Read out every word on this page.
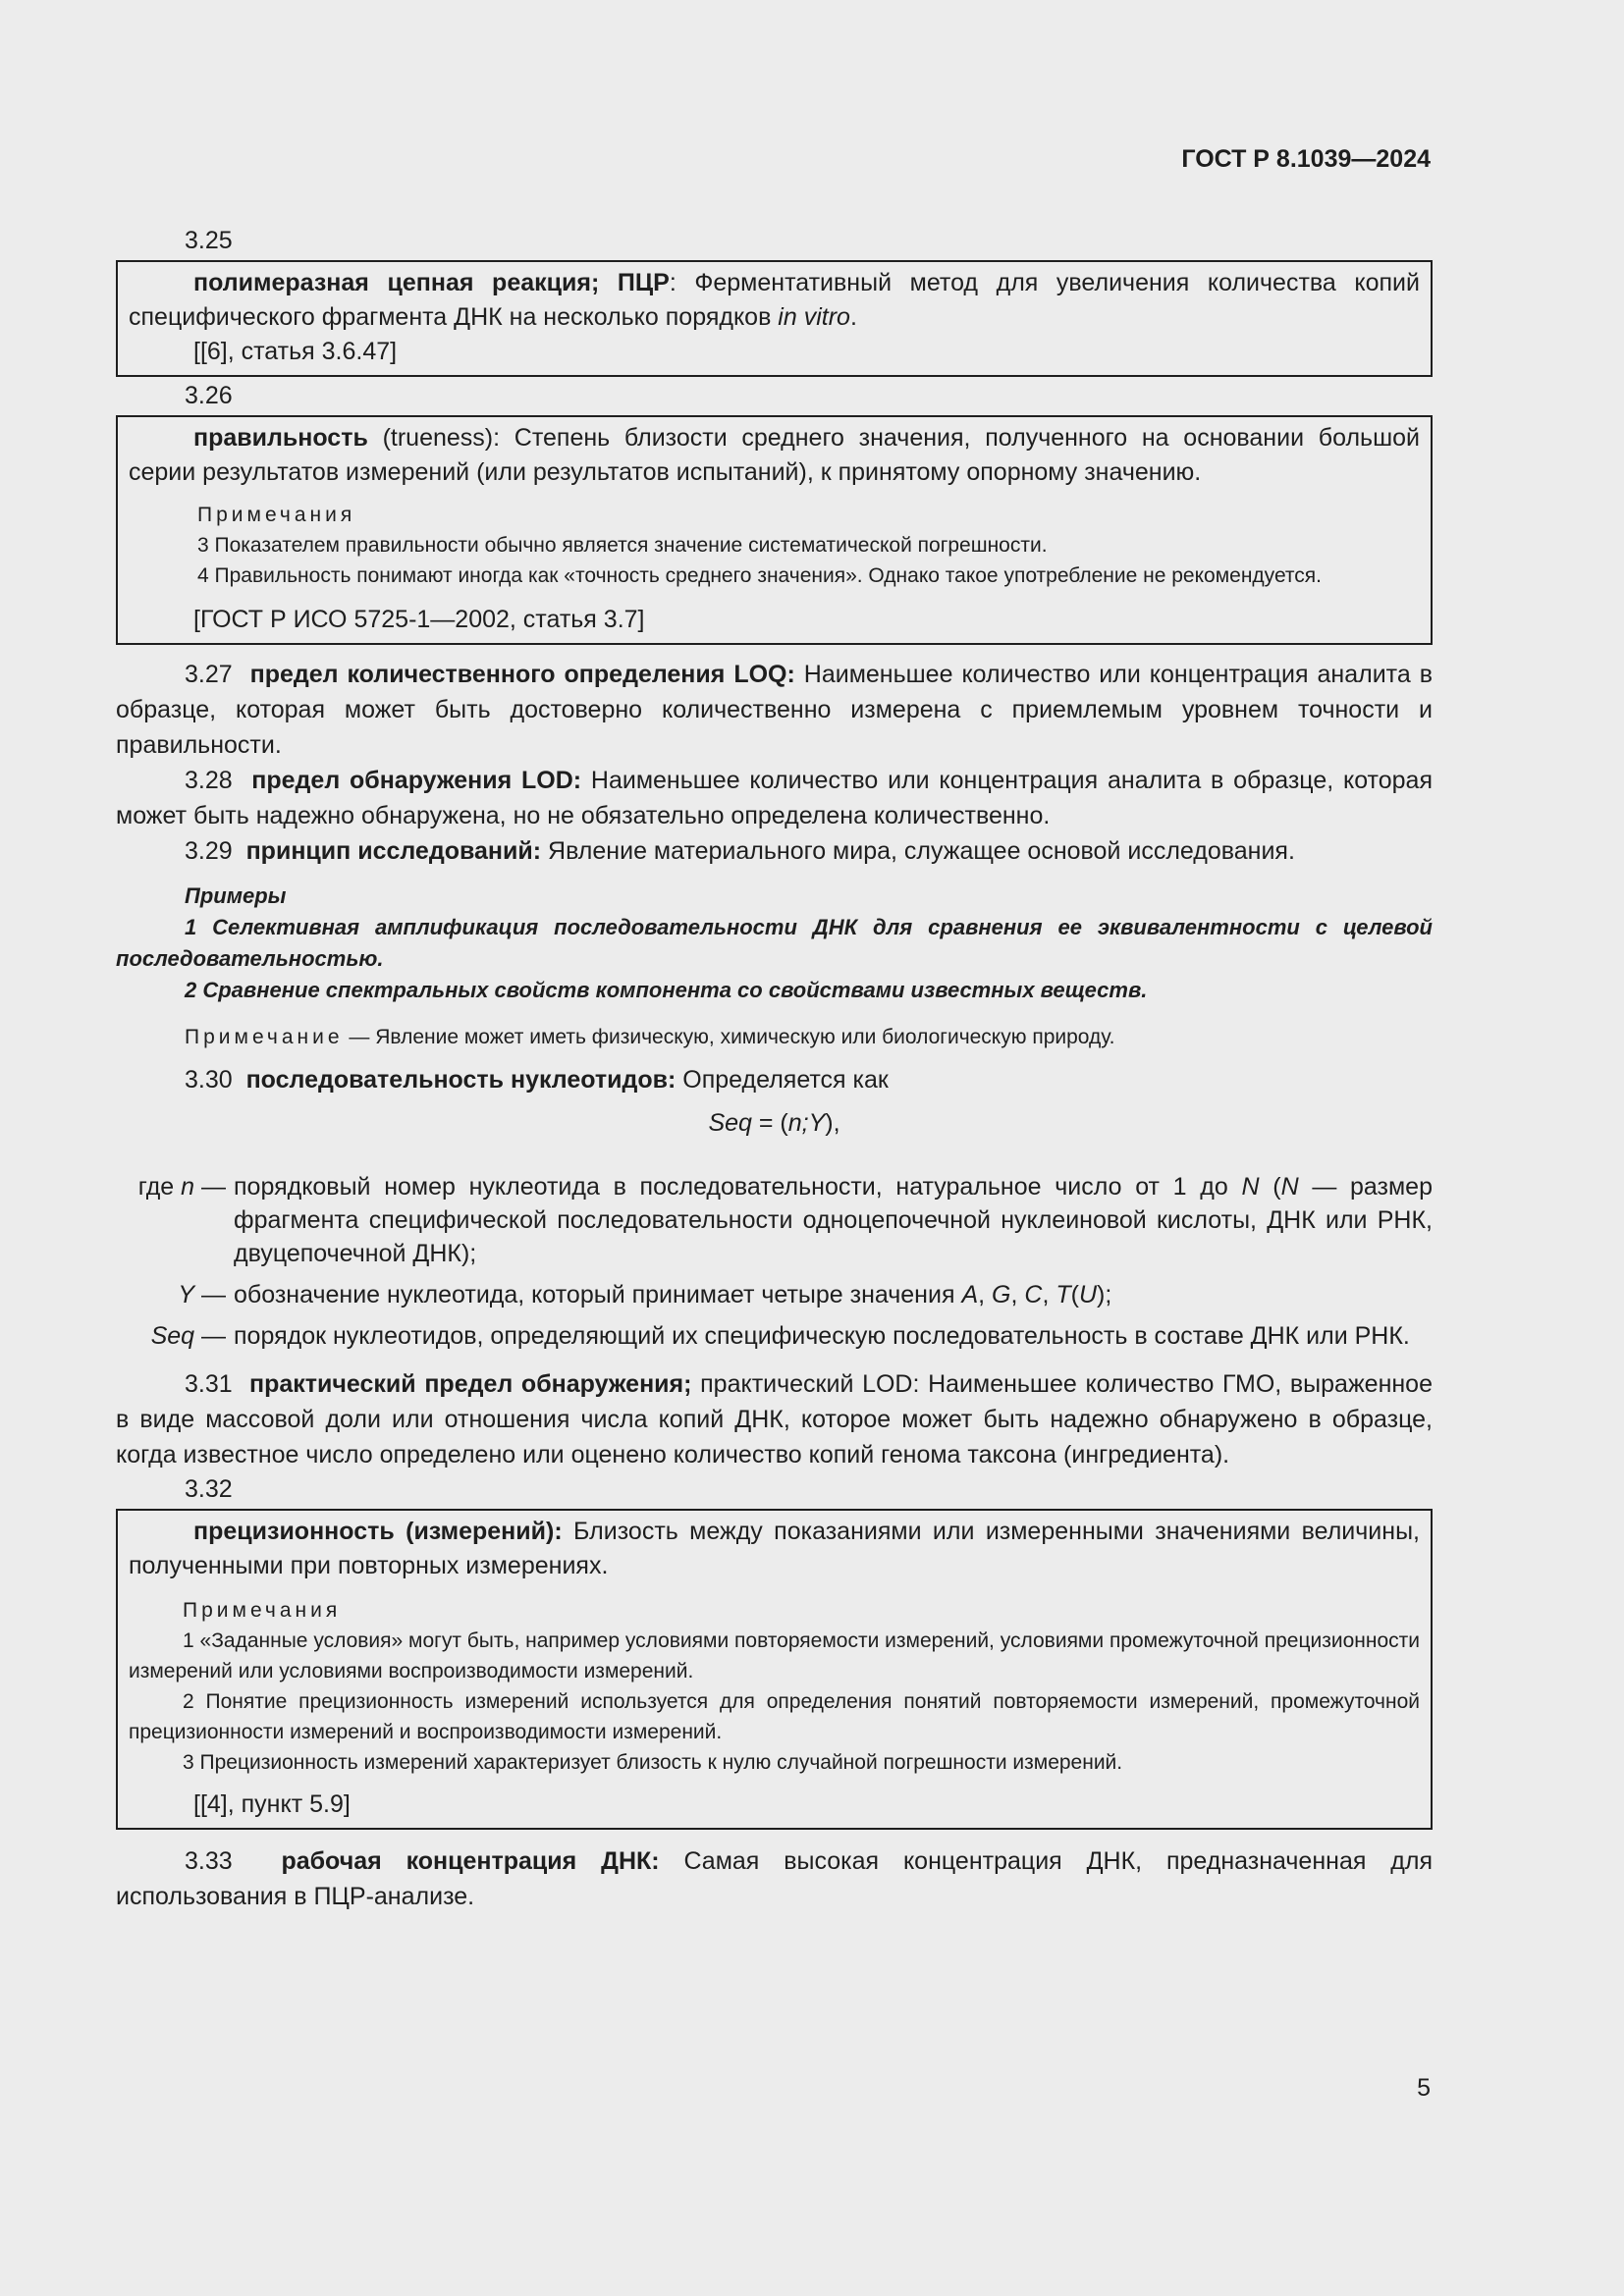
ГОСТ Р 8.1039—2024

3.25

полимеразная цепная реакция; ПЦР: Ферментативный метод для увеличения количества копий специфического фрагмента ДНК на несколько порядков in vitro.

[[6], статья 3.6.47]

3.26

правильность (trueness): Степень близости среднего значения, полученного на основании большой серии результатов измерений (или результатов испытаний), к принятому опорному значению.

Примечания

3 Показателем правильности обычно является значение систематической погрешности.

4 Правильность понимают иногда как «точность среднего значения». Однако такое употребление не рекомендуется.

[ГОСТ Р ИСО 5725-1—2002, статья 3.7]

3.27 предел количественного определения LOQ: Наименьшее количество или концентрация аналита в образце, которая может быть достоверно количественно измерена с приемлемым уровнем точности и правильности.

3.28 предел обнаружения LOD: Наименьшее количество или концентрация аналита в образце, которая может быть надежно обнаружена, но не обязательно определена количественно.

3.29 принцип исследований: Явление материального мира, служащее основой исследования.

Примеры

1 Селективная амплификация последовательности ДНК для сравнения ее эквивалентности с целевой последовательностью.

2 Сравнение спектральных свойств компонента со свойствами известных веществ.

Примечание — Явление может иметь физическую, химическую или биологическую природу.

3.30 последовательность нуклеотидов: Определяется как

Seq = (n;Y),

где n — порядковый номер нуклеотида в последовательности, натуральное число от 1 до N (N — размер фрагмента специфической последовательности одноцепочечной нуклеиновой кислоты, ДНК или РНК, двуцепочечной ДНК);
Y — обозначение нуклеотида, который принимает четыре значения A, G, C, T(U);
Seq — порядок нуклеотидов, определяющий их специфическую последовательность в составе ДНК или РНК.

3.31 практический предел обнаружения; практический LOD: Наименьшее количество ГМО, выраженное в виде массовой доли или отношения числа копий ДНК, которое может быть надежно обнаружено в образце, когда известное число определено или оценено количество копий генома таксона (ингредиента).

3.32

прецизионность (измерений): Близость между показаниями или измеренными значениями величины, полученными при повторных измерениях.

Примечания

1 «Заданные условия» могут быть, например условиями повторяемости измерений, условиями промежуточной прецизионности измерений или условиями воспроизводимости измерений.

2 Понятие прецизионность измерений используется для определения понятий повторяемости измерений, промежуточной прецизионности измерений и воспроизводимости измерений.

3 Прецизионность измерений характеризует близость к нулю случайной погрешности измерений.

[[4], пункт 5.9]

3.33 рабочая концентрация ДНК: Самая высокая концентрация ДНК, предназначенная для использования в ПЦР-анализе.

5
